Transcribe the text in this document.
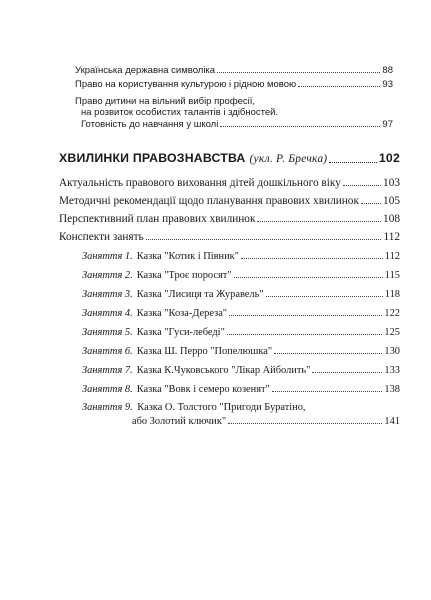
Українська державна символіка	88
Право на користування культурою і рідною мовою	93
Право дитини на вільний вибір професії,
на розвиток особистих талантів і здібностей.
Готовність до навчання у школі	97
ХВИЛИНКИ ПРАВОЗНАВСТВА (укл. Р. Бречка)	102
Актуальність правового виховання дітей дошкільного віку	103
Методичні рекомендації щодо планування правових хвилинок 105
Перспективний план правових хвилинок	108
Конспекти занять	112
Заняття 1. Казка "Котик і Півник"	112
Заняття 2. Казка "Троє поросят"	115
Заняття 3. Казка "Лисиця та Журавель"	118
Заняття 4. Казка "Коза-Дереза"	122
Заняття 5. Казка "Гуси-лебеді"	125
Заняття 6. Казка Ш. Перро "Попелюшка"	130
Заняття 7. Казка К.Чуковського "Лікар Айболить"	133
Заняття 8. Казка "Вовк і семеро козенят"	138
Заняття 9. Казка О. Толстого "Пригоди Буратіно,
або Золотий ключик"	141
